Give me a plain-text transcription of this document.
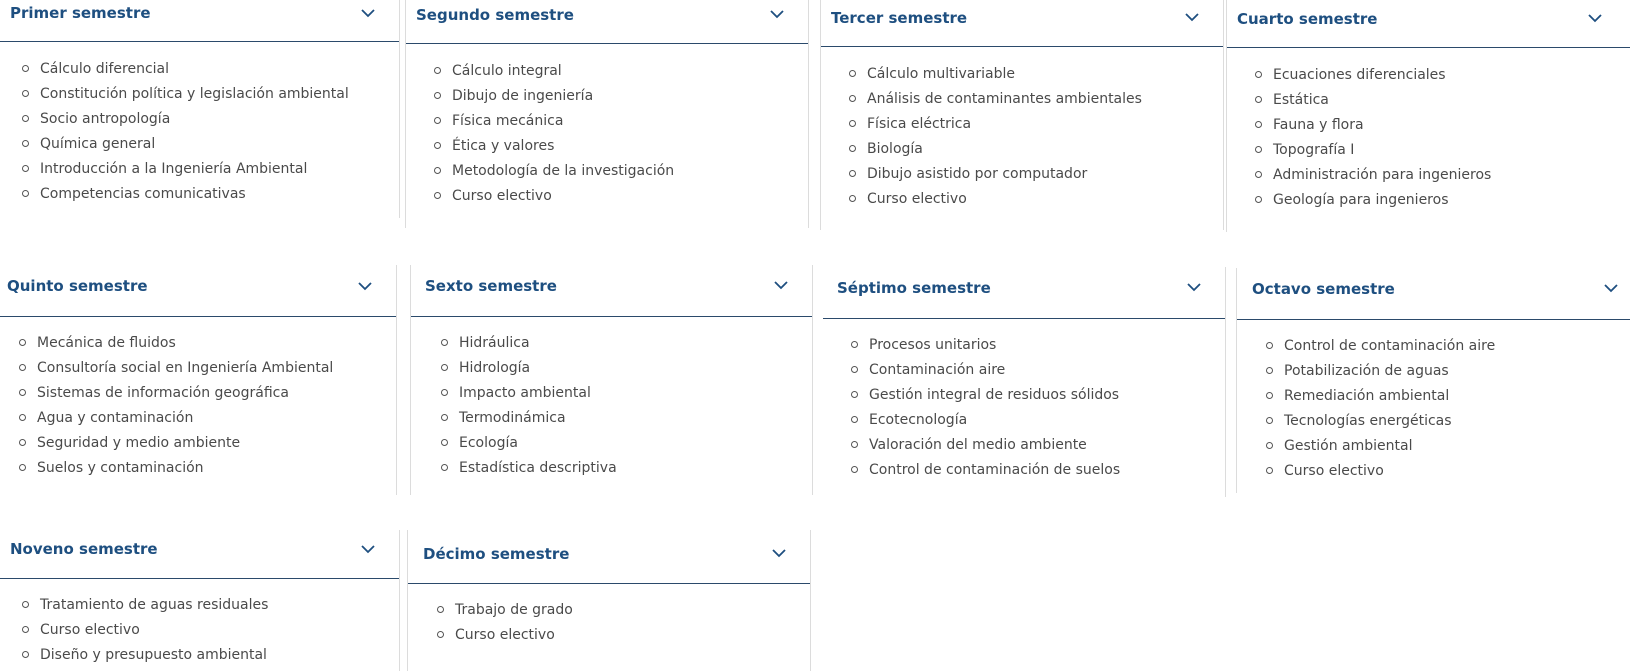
Primer semestre
Cálculo diferencial
Constitución política y legislación ambiental
Socio antropología
Química general
Introducción a la Ingeniería Ambiental
Competencias comunicativas
Segundo semestre
Cálculo integral
Dibujo de ingeniería
Física mecánica
Ética y valores
Metodología de la investigación
Curso electivo
Tercer semestre
Cálculo multivariable
Análisis de contaminantes ambientales
Física eléctrica
Biología
Dibujo asistido por computador
Curso electivo
Cuarto semestre
Ecuaciones diferenciales
Estática
Fauna y flora
Topografía I
Administración para ingenieros
Geología para ingenieros
Quinto semestre
Mecánica de fluidos
Consultoría social en Ingeniería Ambiental
Sistemas de información geográfica
Agua y contaminación
Seguridad y medio ambiente
Suelos y contaminación
Sexto semestre
Hidráulica
Hidrología
Impacto ambiental
Termodinámica
Ecología
Estadística descriptiva
Séptimo semestre
Procesos unitarios
Contaminación aire
Gestión integral de residuos sólidos
Ecotecnología
Valoración del medio ambiente
Control de contaminación de suelos
Octavo semestre
Control de contaminación aire
Potabilización de aguas
Remediación ambiental
Tecnologías energéticas
Gestión ambiental
Curso electivo
Noveno semestre
Tratamiento de aguas residuales
Curso electivo
Diseño y presupuesto ambiental
Décimo semestre
Trabajo de grado
Curso electivo
